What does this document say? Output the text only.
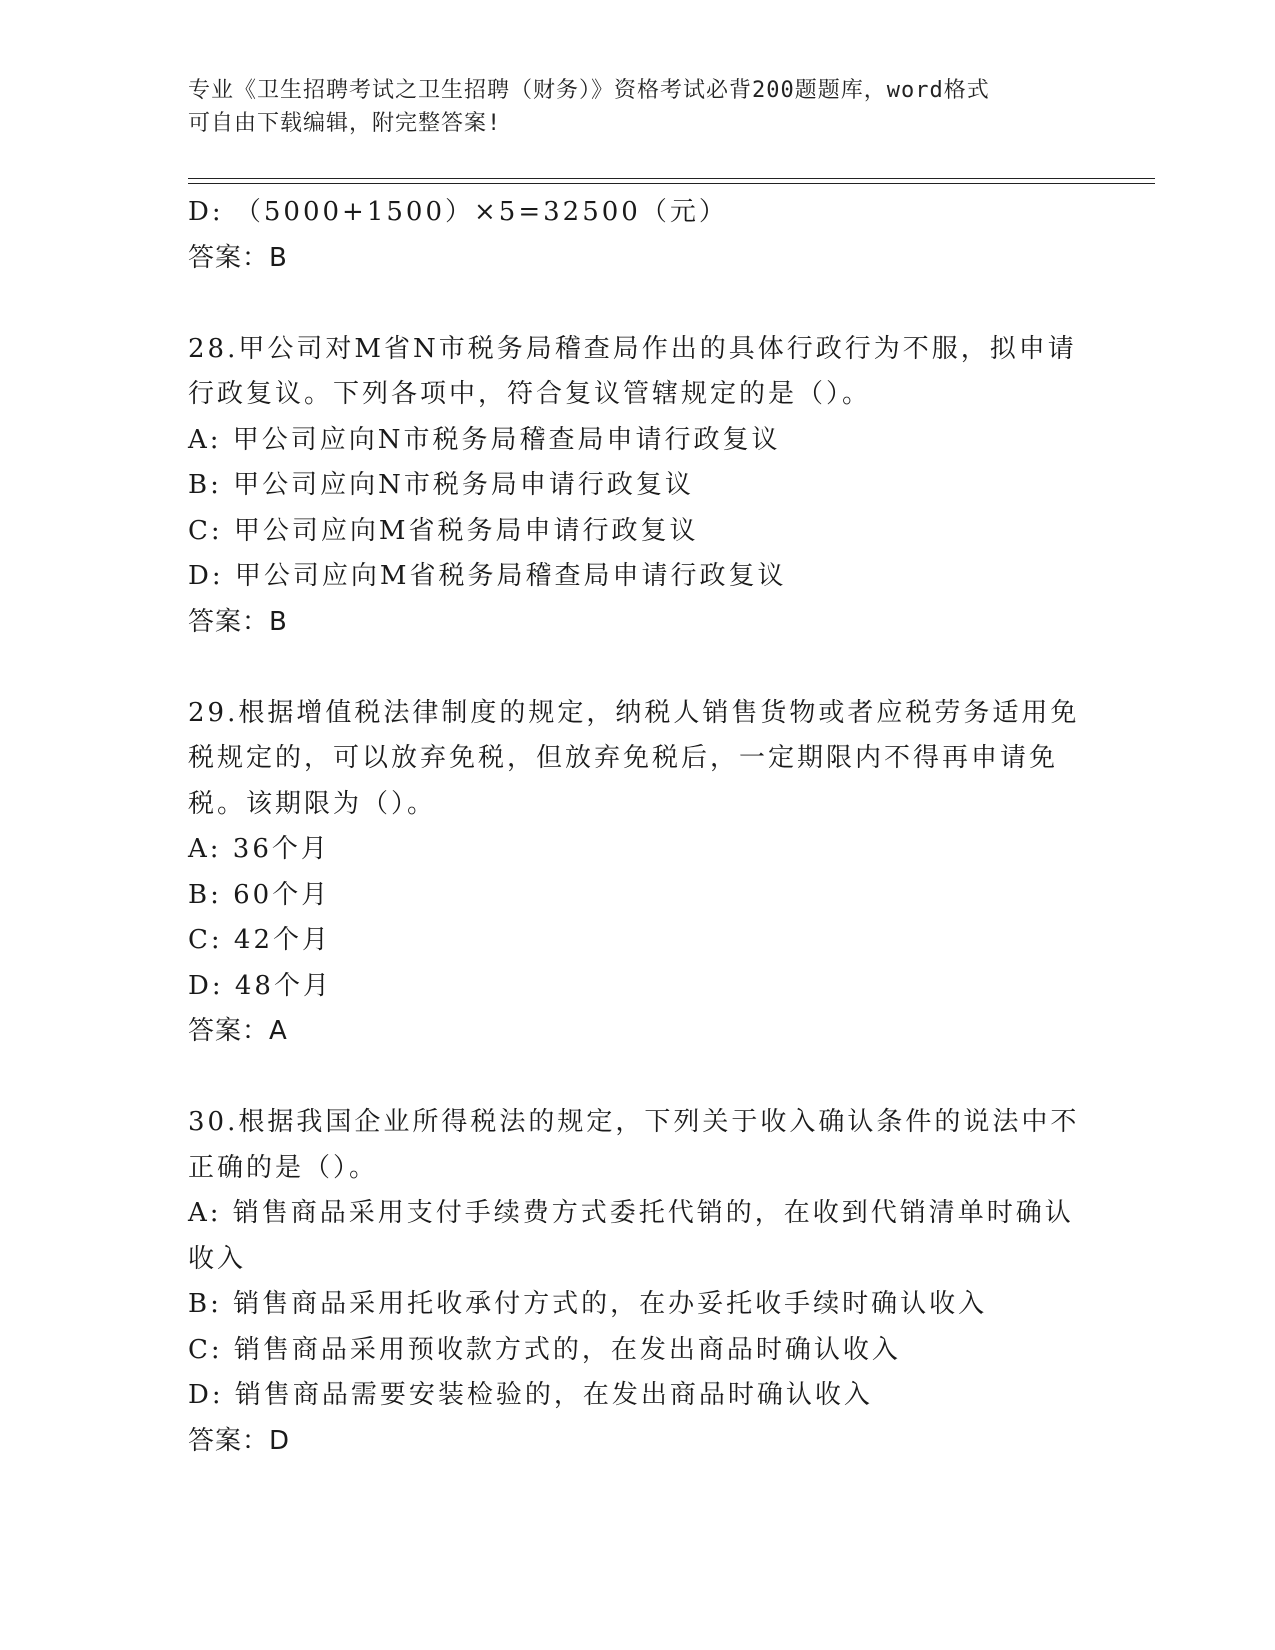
专业《卫生招聘考试之卫生招聘（财务）》资格考试必背200题题库，word格式
可自由下载编辑，附完整答案!
D: （5000+1500）×5=32500（元）
答案：B
28.甲公司对M省N市税务局稽查局作出的具体行政行为不服，拟申请
行政复议。下列各项中，符合复议管辖规定的是（）。
A: 甲公司应向N市税务局稽查局申请行政复议
B: 甲公司应向N市税务局申请行政复议
C: 甲公司应向M省税务局申请行政复议
D: 甲公司应向M省税务局稽查局申请行政复议
答案：B
29.根据增值税法律制度的规定，纳税人销售货物或者应税劳务适用免
税规定的，可以放弃免税，但放弃免税后，一定期限内不得再申请免
税。该期限为（）。
A: 36个月
B: 60个月
C: 42个月
D: 48个月
答案：A
30.根据我国企业所得税法的规定，下列关于收入确认条件的说法中不
正确的是（）。
A: 销售商品采用支付手续费方式委托代销的，在收到代销清单时确认
收入
B: 销售商品采用托收承付方式的，在办妥托收手续时确认收入
C: 销售商品采用预收款方式的，在发出商品时确认收入
D: 销售商品需要安装检验的，在发出商品时确认收入
答案：D
